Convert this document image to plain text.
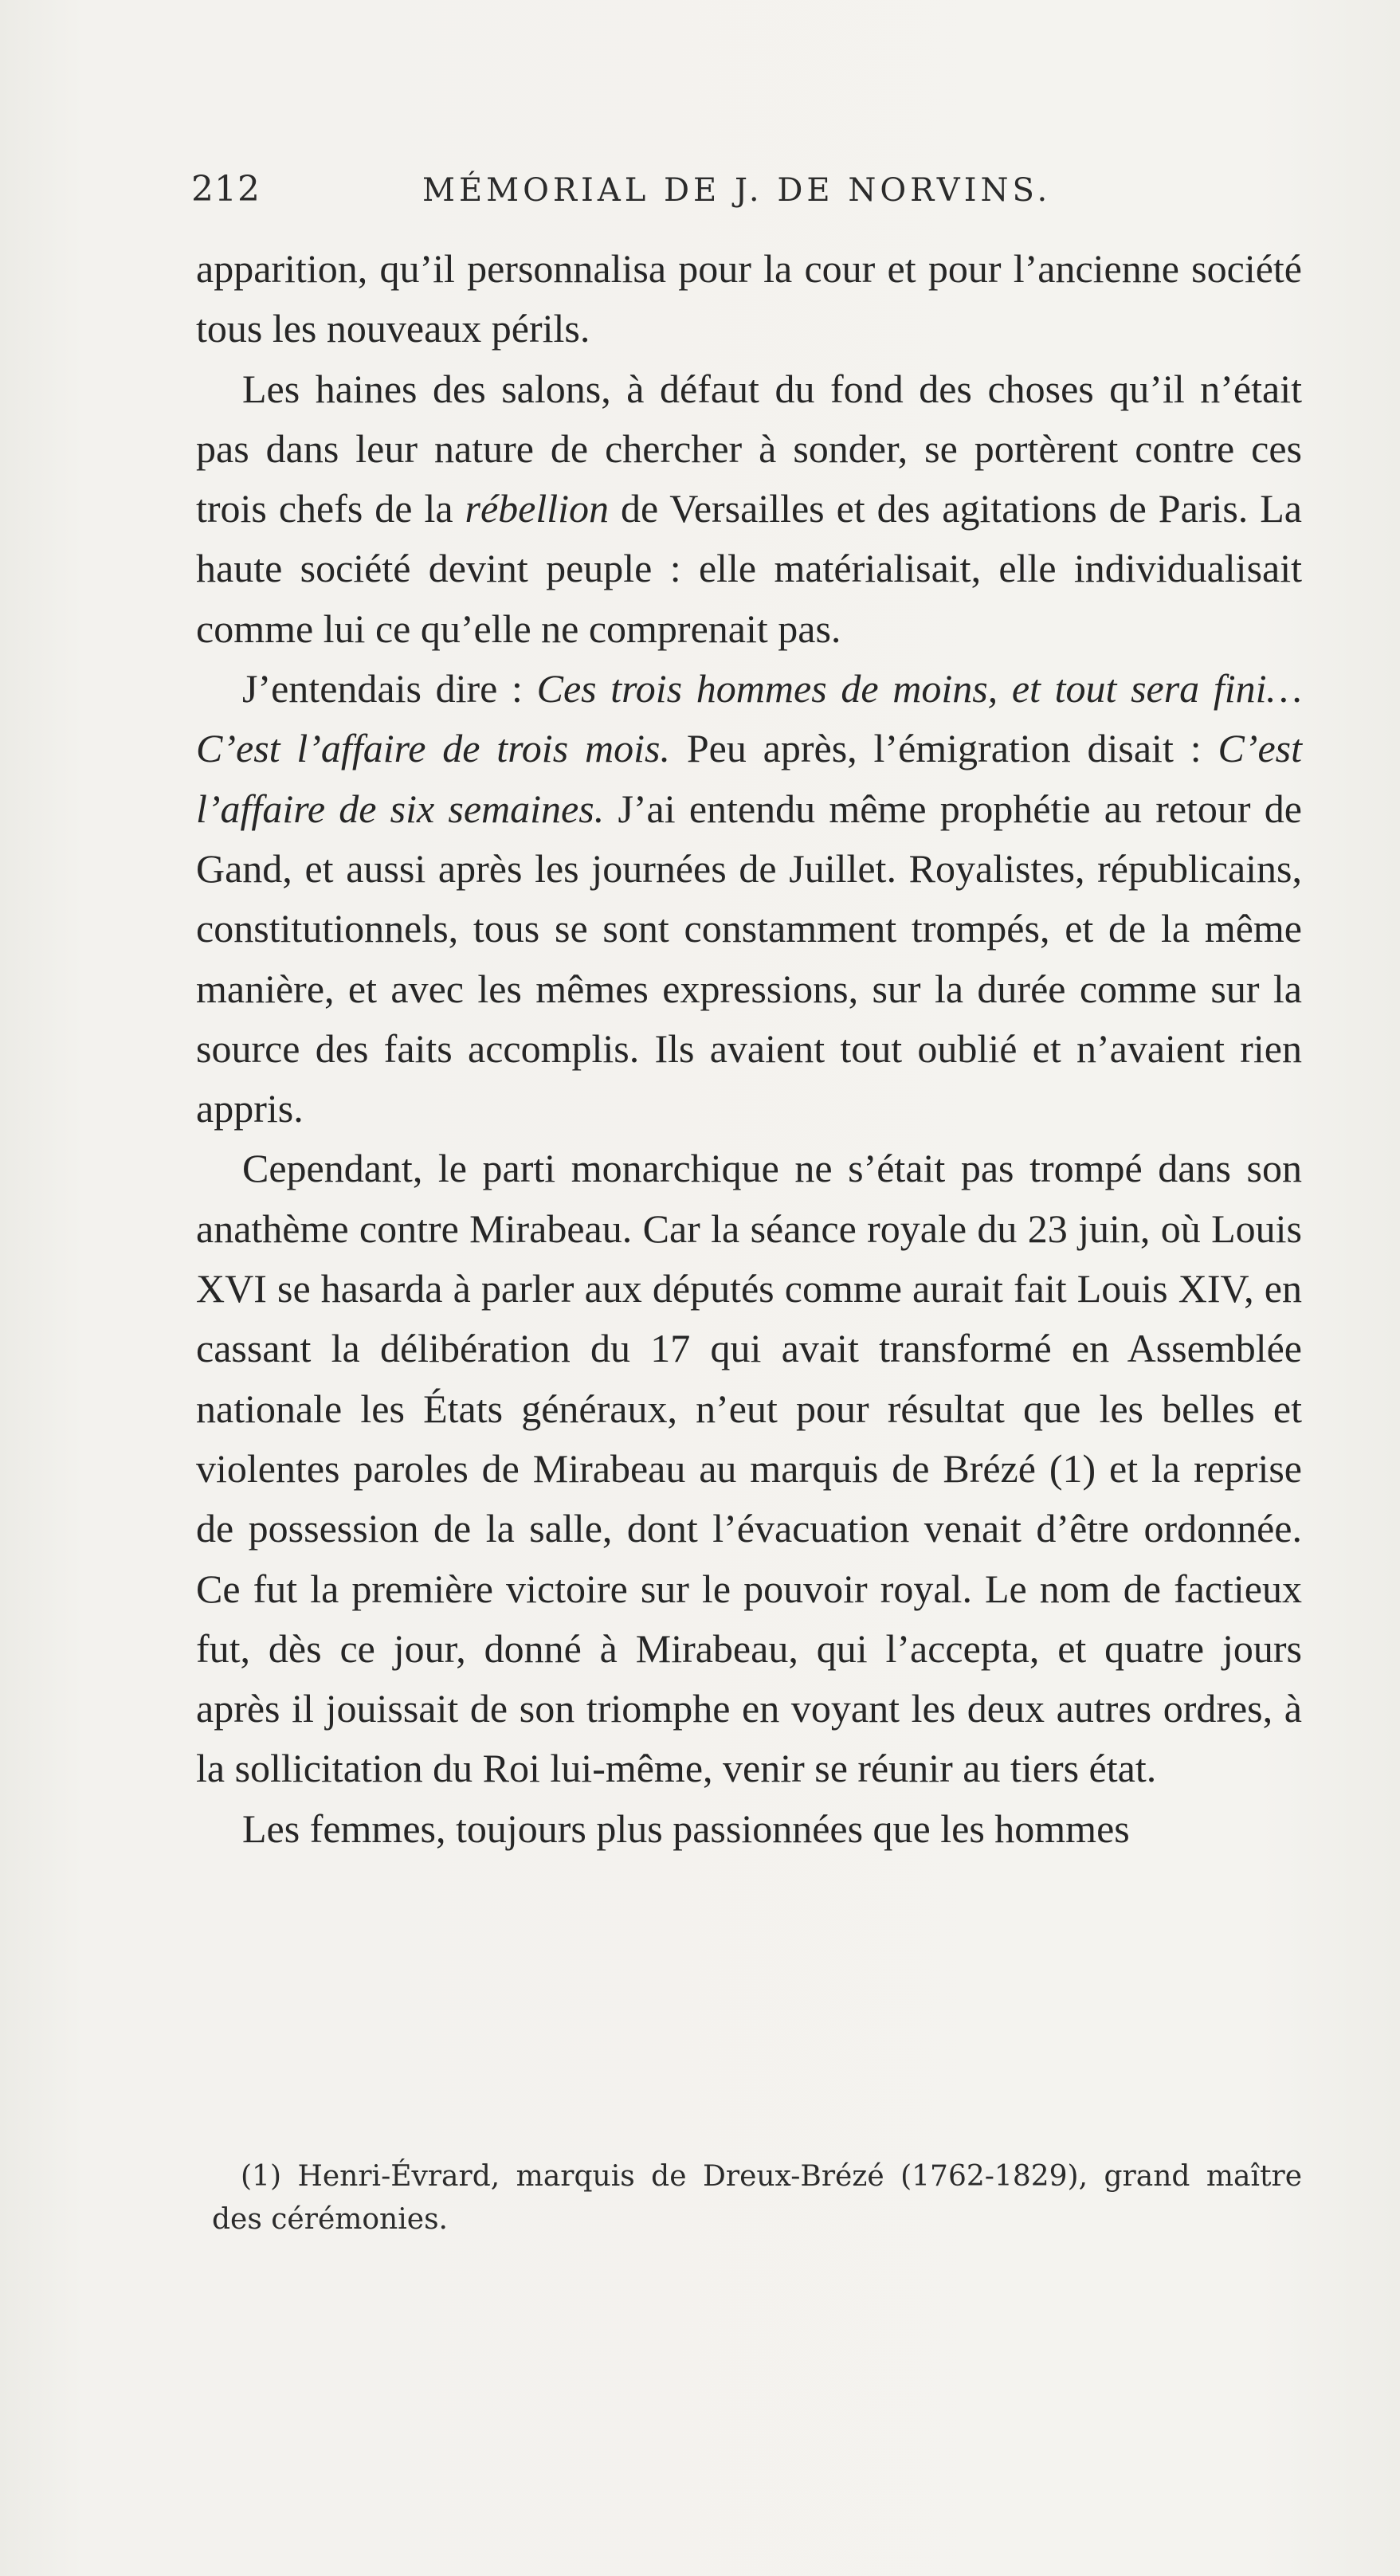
212	MÉMORIAL DE J. DE NORVINS.

apparition, qu’il personnalisa pour la cour et pour l’ancienne société tous les nouveaux périls.

Les haines des salons, à défaut du fond des choses qu’il n’était pas dans leur nature de chercher à sonder, se portèrent contre ces trois chefs de la rébellion de Versailles et des agitations de Paris. La haute société devint peuple : elle matérialisait, elle individualisait comme lui ce qu’elle ne comprenait pas.

J’entendais dire : Ces trois hommes de moins, et tout sera fini… C’est l’affaire de trois mois. Peu après, l’émigration disait : C’est l’affaire de six semaines. J’ai entendu même prophétie au retour de Gand, et aussi après les journées de Juillet. Royalistes, républicains, constitutionnels, tous se sont constamment trompés, et de la même manière, et avec les mêmes expressions, sur la durée comme sur la source des faits accomplis. Ils avaient tout oublié et n’avaient rien appris.

Cependant, le parti monarchique ne s’était pas trompé dans son anathème contre Mirabeau. Car la séance royale du 23 juin, où Louis XVI se hasarda à parler aux députés comme aurait fait Louis XIV, en cassant la délibération du 17 qui avait transformé en Assemblée nationale les États généraux, n’eut pour résultat que les belles et violentes paroles de Mirabeau au marquis de Brézé (1) et la reprise de possession de la salle, dont l’évacuation venait d’être ordonnée. Ce fut la première victoire sur le pouvoir royal. Le nom de factieux fut, dès ce jour, donné à Mirabeau, qui l’accepta, et quatre jours après il jouissait de son triomphe en voyant les deux autres ordres, à la sollicitation du Roi lui-même, venir se réunir au tiers état.

Les femmes, toujours plus passionnées que les hommes

(1) Henri-Évrard, marquis de Dreux-Brézé (1762-1829), grand maître des cérémonies.
